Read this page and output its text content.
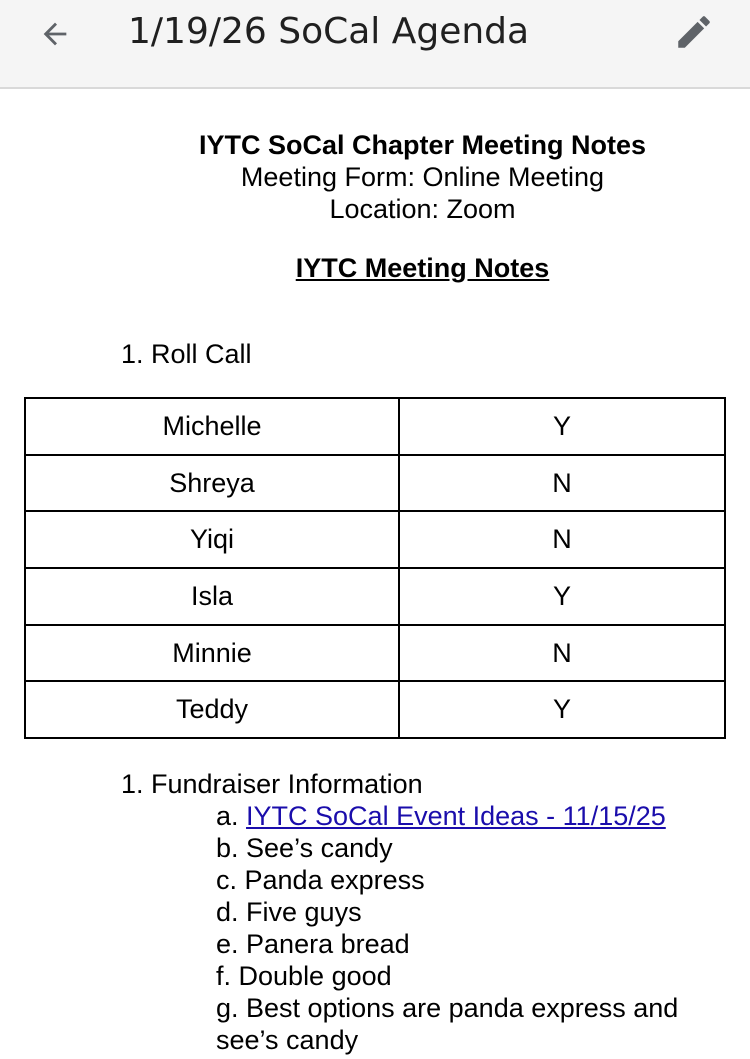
1/19/26 SoCal Agenda
IYTC SoCal Chapter Meeting Notes
Meeting Form: Online Meeting
Location: Zoom
IYTC Meeting Notes
1. Roll Call
Michelle	Y
Shreya	N
Yiqi	N
Isla	Y
Minnie	N
Teddy	Y
1. Fundraiser Information
a. IYTC SoCal Event Ideas - 11/15/25
b. See’s candy
c. Panda express
d. Five guys
e. Panera bread
f. Double good
g. Best options are panda express and see’s candy
